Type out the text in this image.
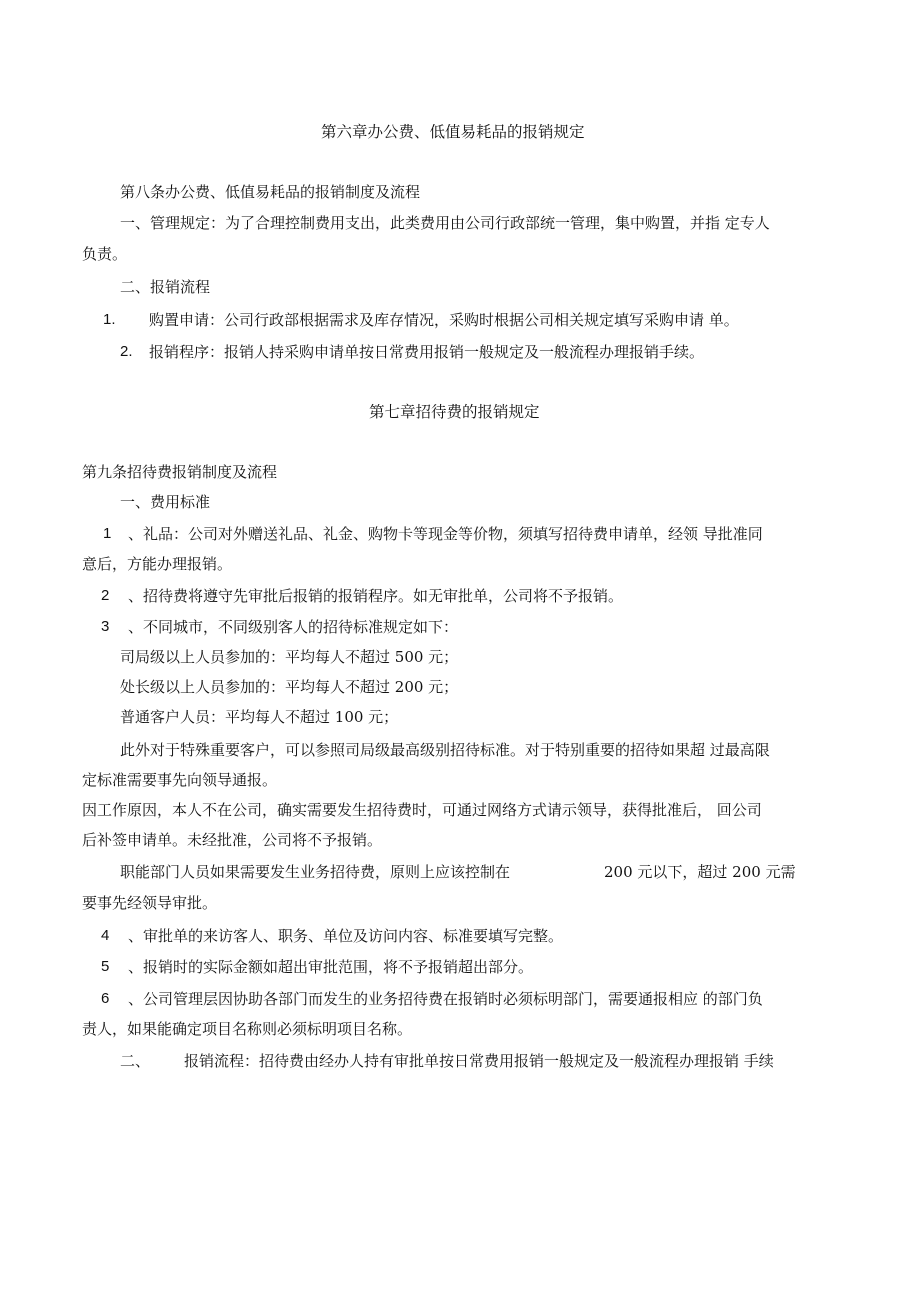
第六章办公费、低值易耗品的报销规定
第八条办公费、低值易耗品的报销制度及流程
一、管理规定：为了合理控制费用支出，此类费用由公司行政部统一管理，集中购置，并指 定专人
负责。
二、报销流程
1. 购置申请：公司行政部根据需求及库存情况，采购时根据公司相关规定填写采购申请 单。
2. 报销程序：报销人持采购申请单按日常费用报销一般规定及一般流程办理报销手续。
第七章招待费的报销规定
第九条招待费报销制度及流程
一、费用标准
1 、礼品：公司对外赠送礼品、礼金、购物卡等现金等价物，须填写招待费申请单，经领 导批准同
意后，方能办理报销。
2 、招待费将遵守先审批后报销的报销程序。如无审批单，公司将不予报销。
3 、不同城市，不同级别客人的招待标准规定如下：
司局级以上人员参加的：平均每人不超过 500 元；
处长级以上人员参加的：平均每人不超过 200 元；
普通客户人员：平均每人不超过 100 元；
此外对于特殊重要客户，可以参照司局级最高级别招待标准。对于特别重要的招待如果超 过最高限
定标准需要事先向领导通报。
因工作原因，本人不在公司，确实需要发生招待费时，可通过网络方式请示领导，获得批准后， 回公司
后补签申请单。未经批准，公司将不予报销。
职能部门人员如果需要发生业务招待费，原则上应该控制在	200 元以下，超过 200 元需
要事先经领导审批。
4 、审批单的来访客人、职务、单位及访问内容、标准要填写完整。
5 、报销时的实际金额如超出审批范围，将不予报销超出部分。
6 、公司管理层因协助各部门而发生的业务招待费在报销时必须标明部门，需要通报相应 的部门负
责人，如果能确定项目名称则必须标明项目名称。
二、 报销流程：招待费由经办人持有审批单按日常费用报销一般规定及一般流程办理报销 手续
